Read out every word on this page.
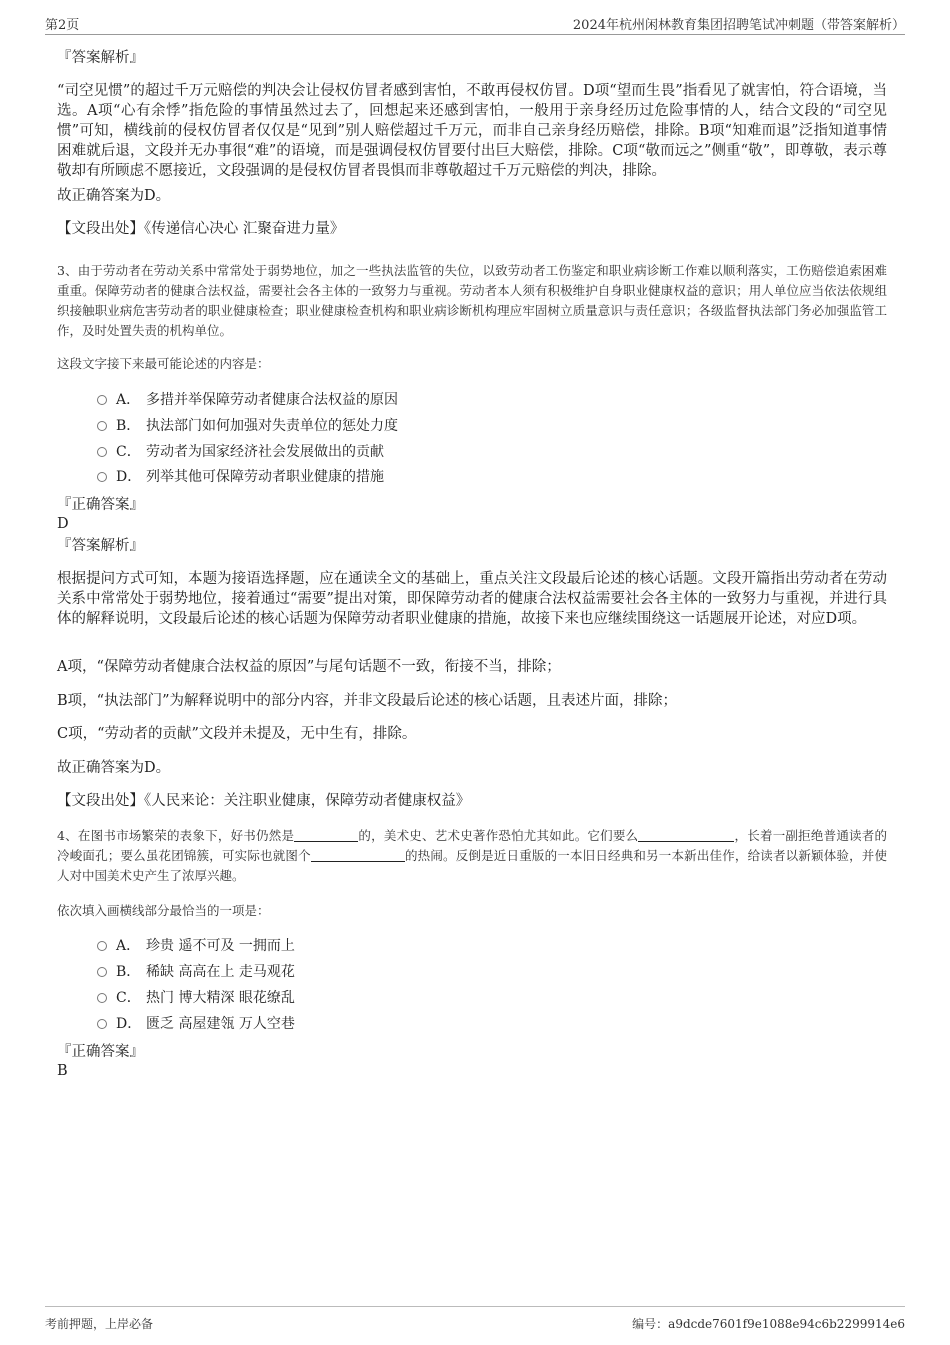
第2页	2024年杭州闲林教育集团招聘笔试冲刺题（带答案解析）
『答案解析』
“司空见惯”的超过千万元赔偿的判决会让侵权仿冒者感到害怕，不敢再侵权仿冒。D项“望而生畏”指看见了就害怕，符合语境，当选。A项“心有余悸”指危险的事情虽然过去了，回想起来还感到害怕，一般用于亲身经历过危险事情的人，结合文段的“司空见惯”可知，横线前的侵权仿冒者仅仅是“见到”别人赔偿超过千万元，而非自己亲身经历赔偿，排除。B项“知难而退”泛指知道事情困难就后退，文段并无办事很“难”的语境，而是强调侵权仿冒要付出巨大赔偿，排除。C项“敬而远之”侧重“敬”，即尊敬，表示尊敬却有所顾虑不愿接近，文段强调的是侵权仿冒者畏惧而非尊敬超过千万元赔偿的判决，排除。
故正确答案为D。
【文段出处】《传递信心决心 汇聚奋进力量》
3、由于劳动者在劳动关系中常常处于弱势地位，加之一些执法监管的失位，以致劳动者工伤鉴定和职业病诊断工作难以顺利落实，工伤赔偿追索困难重重。保障劳动者的健康合法权益，需要社会各主体的一致努力与重视。劳动者本人须有积极维护自身职业健康权益的意识；用人单位应当依法依规组织接触职业病危害劳动者的职业健康检查；职业健康检查机构和职业病诊断机构理应牢固树立质量意识与责任意识；各级监督执法部门务必加强监管工作，及时处置失责的机构单位。
这段文字接下来最可能论述的内容是：
A． 多措并举保障劳动者健康合法权益的原因
B． 执法部门如何加强对失责单位的惩处力度
C． 劳动者为国家经济社会发展做出的贡献
D． 列举其他可保障劳动者职业健康的措施
『正确答案』
D
『答案解析』
根据提问方式可知，本题为接语选择题，应在通读全文的基础上，重点关注文段最后论述的核心话题。文段开篇指出劳动者在劳动关系中常常处于弱势地位，接着通过“需要”提出对策，即保障劳动者的健康合法权益需要社会各主体的一致努力与重视，并进行具体的解释说明，文段最后论述的核心话题为保障劳动者职业健康的措施，故接下来也应继续围绕这一话题展开论述，对应D项。
A项，“保障劳动者健康合法权益的原因”与尾句话题不一致，衔接不当，排除；
B项，“执法部门”为解释说明中的部分内容，并非文段最后论述的核心话题，且表述片面，排除；
C项，“劳动者的贡献”文段并未提及，无中生有，排除。
故正确答案为D。
【文段出处】《人民来论：关注职业健康，保障劳动者健康权益》
4、在图书市场繁荣的表象下，好书仍然是	的，美术史、艺术史著作恐怕尤其如此。它们要么	，长着一副拒绝普通读者的冷峻面孔；要么虽花团锦簇，可实际也就图个	的热闹。反倒是近日重版的一本旧日经典和另一本新出佳作，给读者以新颖体验，并使人对中国美术史产生了浓厚兴趣。
依次填入画横线部分最恰当的一项是：
A． 珍贵 遥不可及 一拥而上
B． 稀缺 高高在上 走马观花
C． 热门 博大精深 眼花缭乱
D． 匮乏 高屋建瓴 万人空巷
『正确答案』
B
考前押题，上岸必备	编号：a9dcde7601f9e1088e94c6b2299914e6
